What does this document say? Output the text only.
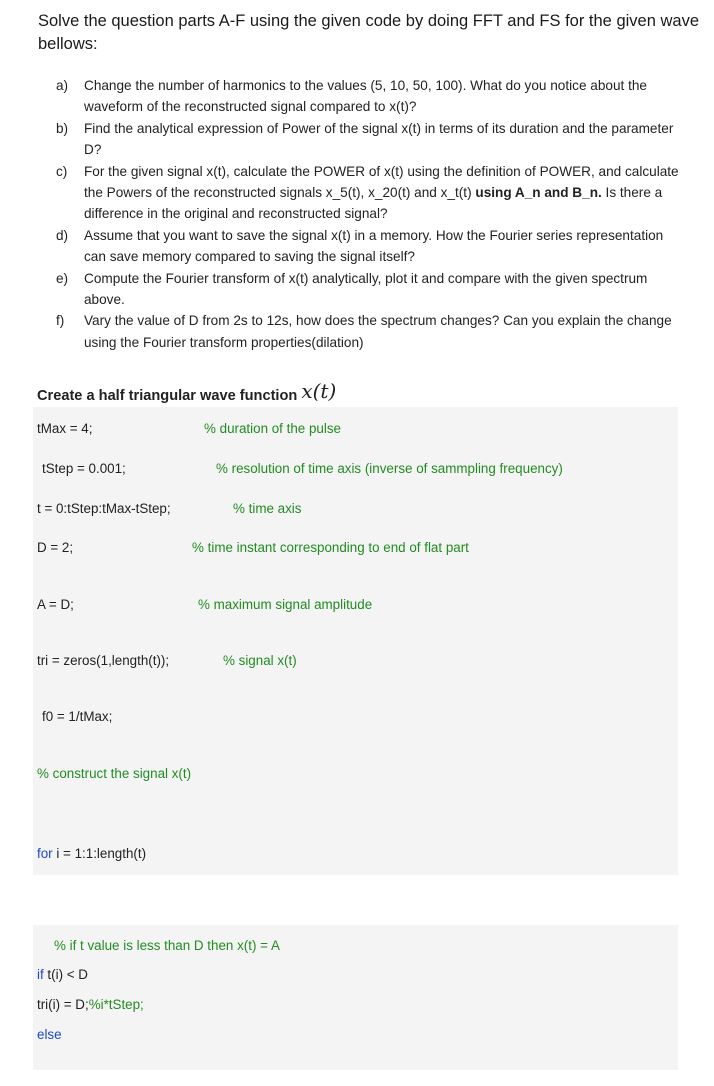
Solve the question parts A-F using the given code by doing FFT and FS for the given wave bellows:
a)	Change the number of harmonics to the values (5, 10, 50, 100). What do you notice about the waveform of the reconstructed signal compared to x(t)?
b)	Find the analytical expression of Power of the signal x(t) in terms of its duration and the parameter D?
c)	For the given signal x(t), calculate the POWER of x(t) using the definition of POWER, and calculate the Powers of the reconstructed signals x_5(t), x_20(t) and x_t(t) using A_n and B_n. Is there a difference in the original and reconstructed signal?
d)	Assume that you want to save the signal x(t) in a memory. How the Fourier series representation can save memory compared to saving the signal itself?
e)	Compute the Fourier transform of x(t) analytically, plot it and compare with the given spectrum above.
f)	Vary the value of D from 2s to 12s, how does the spectrum changes? Can you explain the change using the Fourier transform properties(dilation)
Create a half triangular wave function x(t)
tMax = 4;	% duration of the pulse
tStep = 0.001;	% resolution of time axis (inverse of sammpling frequency)
t = 0:tStep:tMax-tStep;	% time axis
D = 2;	% time instant corresponding to end of flat part
A = D;	% maximum signal amplitude
tri = zeros(1,length(t));	% signal x(t)
f0 = 1/tMax;
% construct the signal x(t)
for i = 1:1:length(t)
% if t value is less than D then x(t) = A
if t(i) < D
tri(i) = D;%i*tStep;
else
